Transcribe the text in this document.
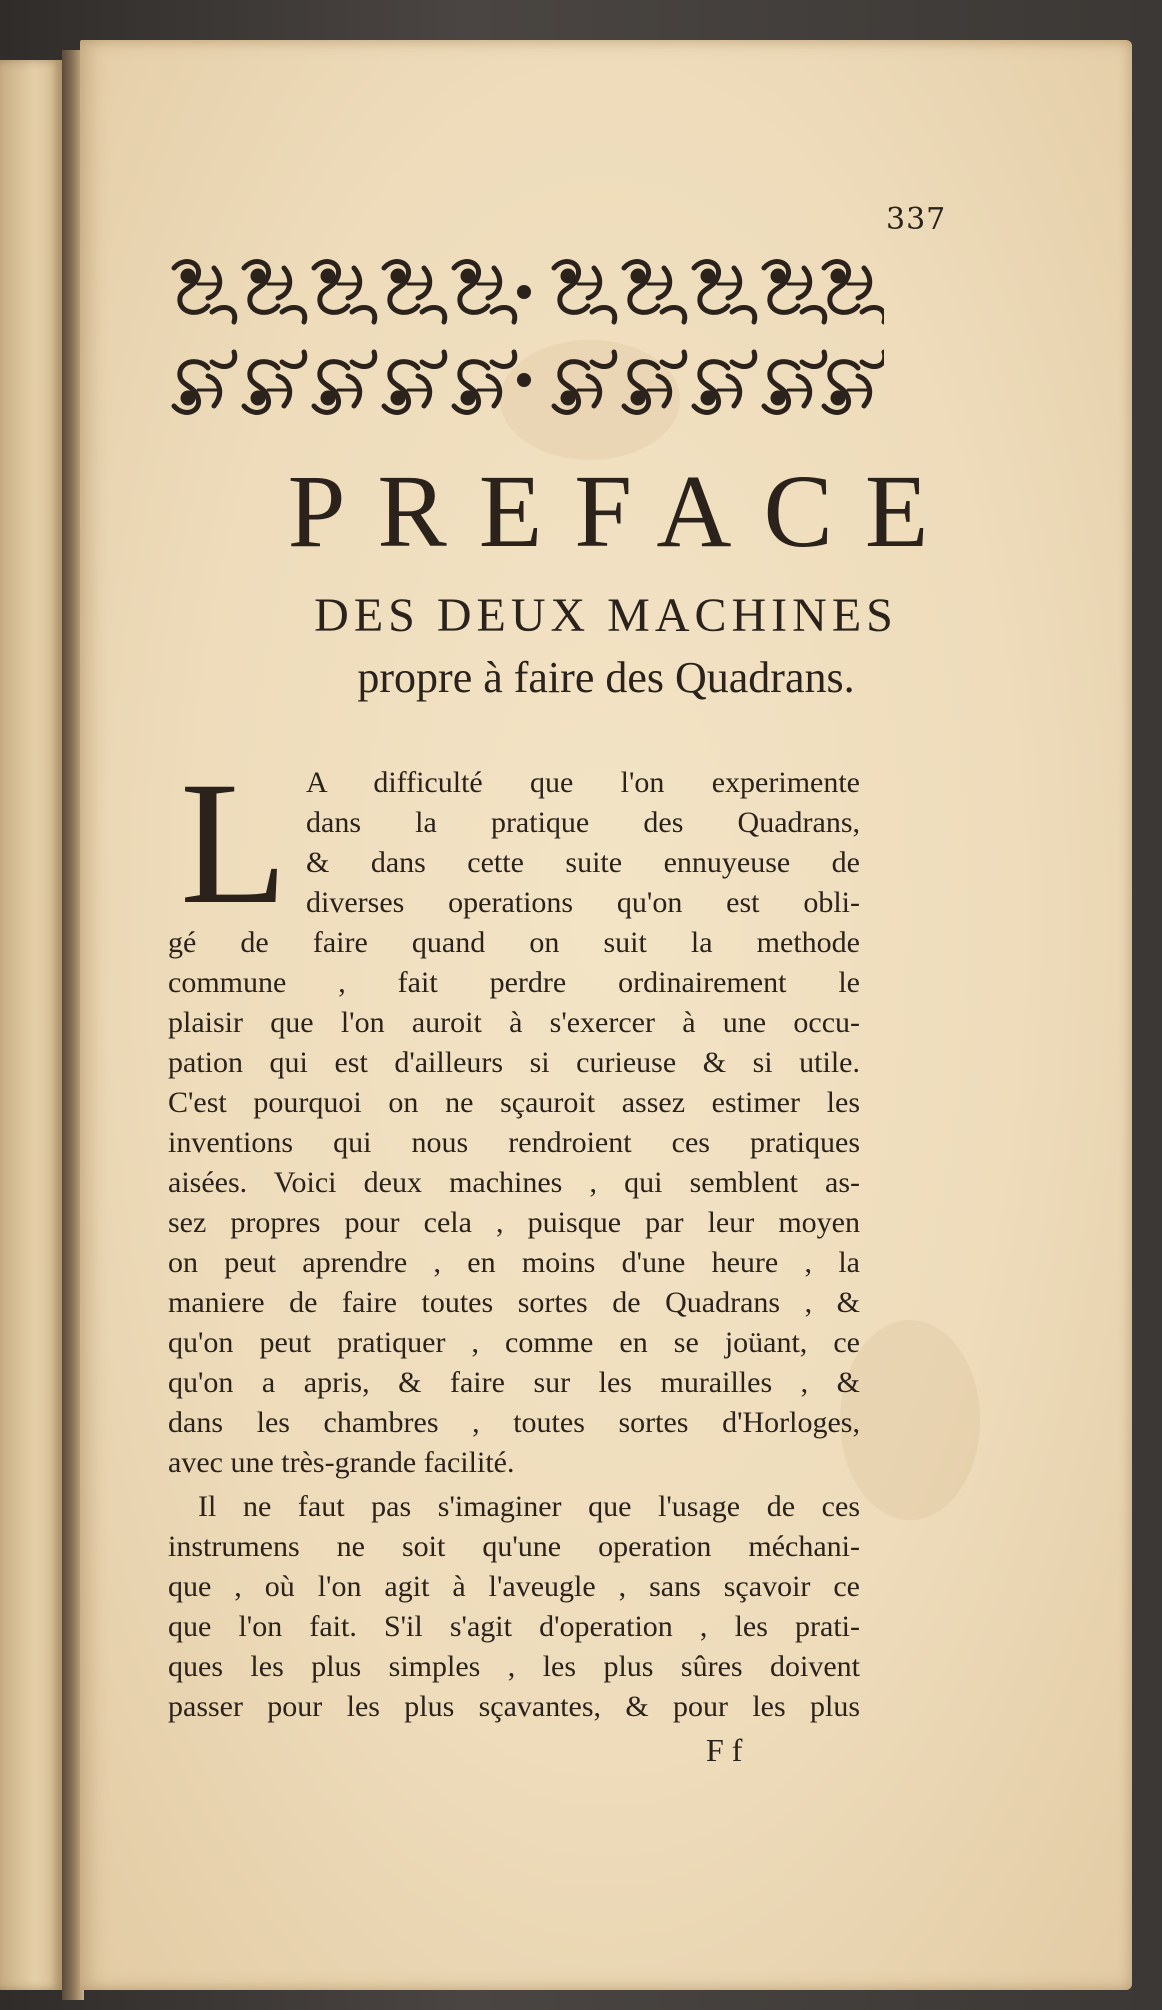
337
PREFACE
DES DEUX MACHINES
propre à faire des Quadrans.
L A difficulté que l'on experimente
dans la pratique des Quadrans,
& dans cette suite ennuyeuse de
diverses operations qu'on est obli-
gé de faire quand on suit la methode
commune , fait perdre ordinairement le
plaisir que l'on auroit à s'exercer à une occu-
pation qui est d'ailleurs si curieuse & si utile.
C'est pourquoi on ne sçauroit assez estimer les
inventions qui nous rendroient ces pratiques
aisées. Voici deux machines , qui semblent as-
sez propres pour cela , puisque par leur moyen
on peut aprendre , en moins d'une heure , la
maniere de faire toutes sortes de Quadrans , &
qu'on peut pratiquer , comme en se joüant, ce
qu'on a apris, & faire sur les murailles , &
dans les chambres , toutes sortes d'Horloges,
avec une très-grande facilité.
Il ne faut pas s'imaginer que l'usage de ces
instrumens ne soit qu'une operation méchani-
que , où l'on agit à l'aveugle , sans sçavoir ce
que l'on fait. S'il s'agit d'operation , les prati-
ques les plus simples , les plus sûres doivent
passer pour les plus sçavantes, & pour les plus
Ff
